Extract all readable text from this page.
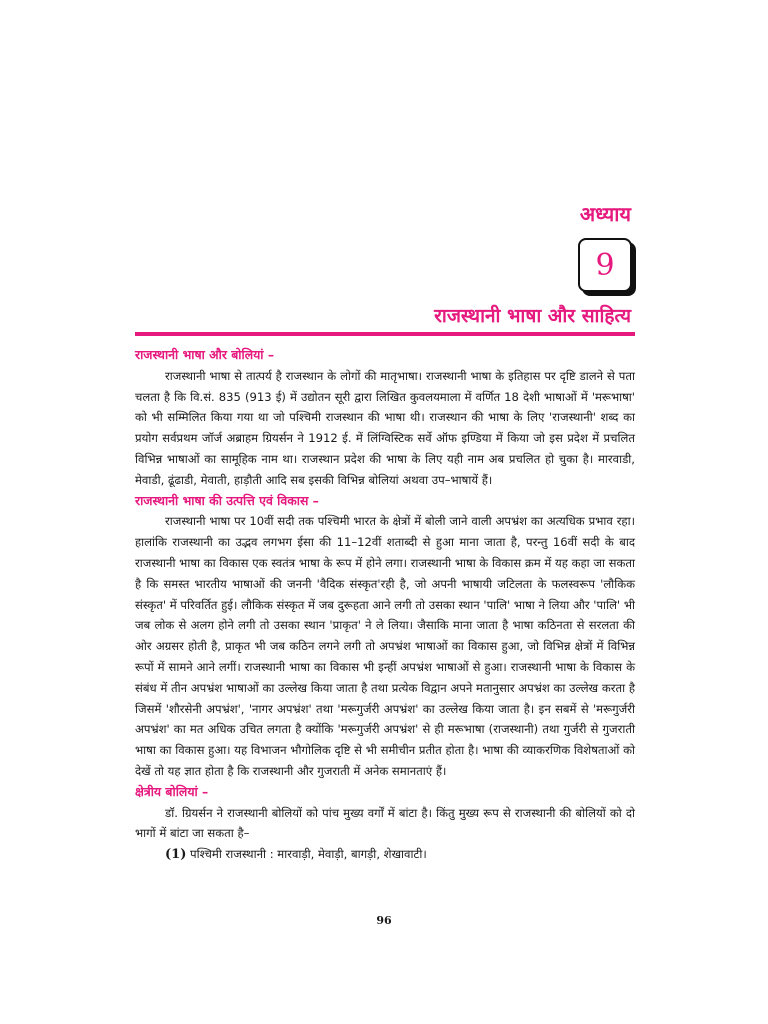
अध्याय
9
राजस्थानी भाषा और साहित्य
राजस्थानी भाषा और बोलियां –

राजस्थानी भाषा से तात्पर्य है राजस्थान के लोगों की मातृभाषा। राजस्थानी भाषा के इतिहास पर दृष्टि डालने से पता चलता है कि वि.सं. 835 (913 ई) में उद्योतन सूरी द्वारा लिखित कुवलयमाला में वर्णित 18 देशी भाषाओं में 'मरूभाषा' को भी सम्मिलित किया गया था जो पश्चिमी राजस्थान की भाषा थी। राजस्थान की भाषा के लिए 'राजस्थानी' शब्द का प्रयोग सर्वप्रथम जॉर्ज अब्राहम ग्रियर्सन ने 1912 ई. में लिंग्विस्टिक सर्वे ऑफ इण्डिया में किया जो इस प्रदेश में प्रचलित विभिन्न भाषाओं का सामूहिक नाम था। राजस्थान प्रदेश की भाषा के लिए यही नाम अब प्रचलित हो चुका है। मारवाडी, मेवाडी, ढूंढाडी, मेवाती, हाड़ौती आदि सब इसकी विभिन्न बोलियां अथवा उप–भाषायें हैं।

राजस्थानी भाषा की उत्पत्ति एवं विकास –

राजस्थानी भाषा पर 10वीं सदी तक पश्चिमी भारत के क्षेत्रों में बोली जाने वाली अपभ्रंश का अत्यधिक प्रभाव रहा। हालांकि राजस्थानी का उद्भव लगभग ईसा की 11–12वीं शताब्दी से हुआ माना जाता है, परन्तु 16वीं सदी के बाद राजस्थानी भाषा का विकास एक स्वतंत्र भाषा के रूप में होने लगा। राजस्थानी भाषा के विकास क्रम में यह कहा जा सकता है कि समस्त भारतीय भाषाओं की जननी 'वैदिक संस्कृत'रही है, जो अपनी भाषायी जटिलता के फलस्वरूप 'लौकिक संस्कृत' में परिवर्तित हुई। लौकिक संस्कृत में जब दुरूहता आने लगी तो उसका स्थान 'पालि' भाषा ने लिया और 'पालि' भी जब लोक से अलग होने लगी तो उसका स्थान 'प्राकृत' ने ले लिया। जैसाकि माना जाता है भाषा कठिनता से सरलता की ओर अग्रसर होती है, प्राकृत भी जब कठिन लगने लगी तो अपभ्रंश भाषाओं का विकास हुआ, जो विभिन्न क्षेत्रों में विभिन्न रूपों में सामने आने लगीं। राजस्थानी भाषा का विकास भी इन्हीं अपभ्रंश भाषाओं से हुआ। राजस्थानी भाषा के विकास के संबंध में तीन अपभ्रंश भाषाओं का उल्लेख किया जाता है तथा प्रत्येक विद्वान अपने मतानुसार अपभ्रंश का उल्लेख करता है जिसमें 'शौरसेनी अपभ्रंश', 'नागर अपभ्रंश' तथा 'मरूगुर्जरी अपभ्रंश' का उल्लेख किया जाता है। इन सबमें से 'मरूगुर्जरी अपभ्रंश' का मत अधिक उचित लगता है क्योंकि 'मरूगुर्जरी अपभ्रंश' से ही मरूभाषा (राजस्थानी) तथा गुर्जरी से गुजराती भाषा का विकास हुआ। यह विभाजन भौगोलिक दृष्टि से भी समीचीन प्रतीत होता है। भाषा की व्याकरणिक विशेषताओं को देखें तो यह ज्ञात होता है कि राजस्थानी और गुजराती में अनेक समानताएं हैं।

क्षेत्रीय बोलियां –

डॉ. ग्रियर्सन ने राजस्थानी बोलियों को पांच मुख्य वर्गों में बांटा है। किंतु मुख्य रूप से राजस्थानी की बोलियों को दो भागों में बांटा जा सकता है–

(1) पश्चिमी राजस्थानी : मारवाड़ी, मेवाड़ी, बागड़ी, शेखावाटी।
96
